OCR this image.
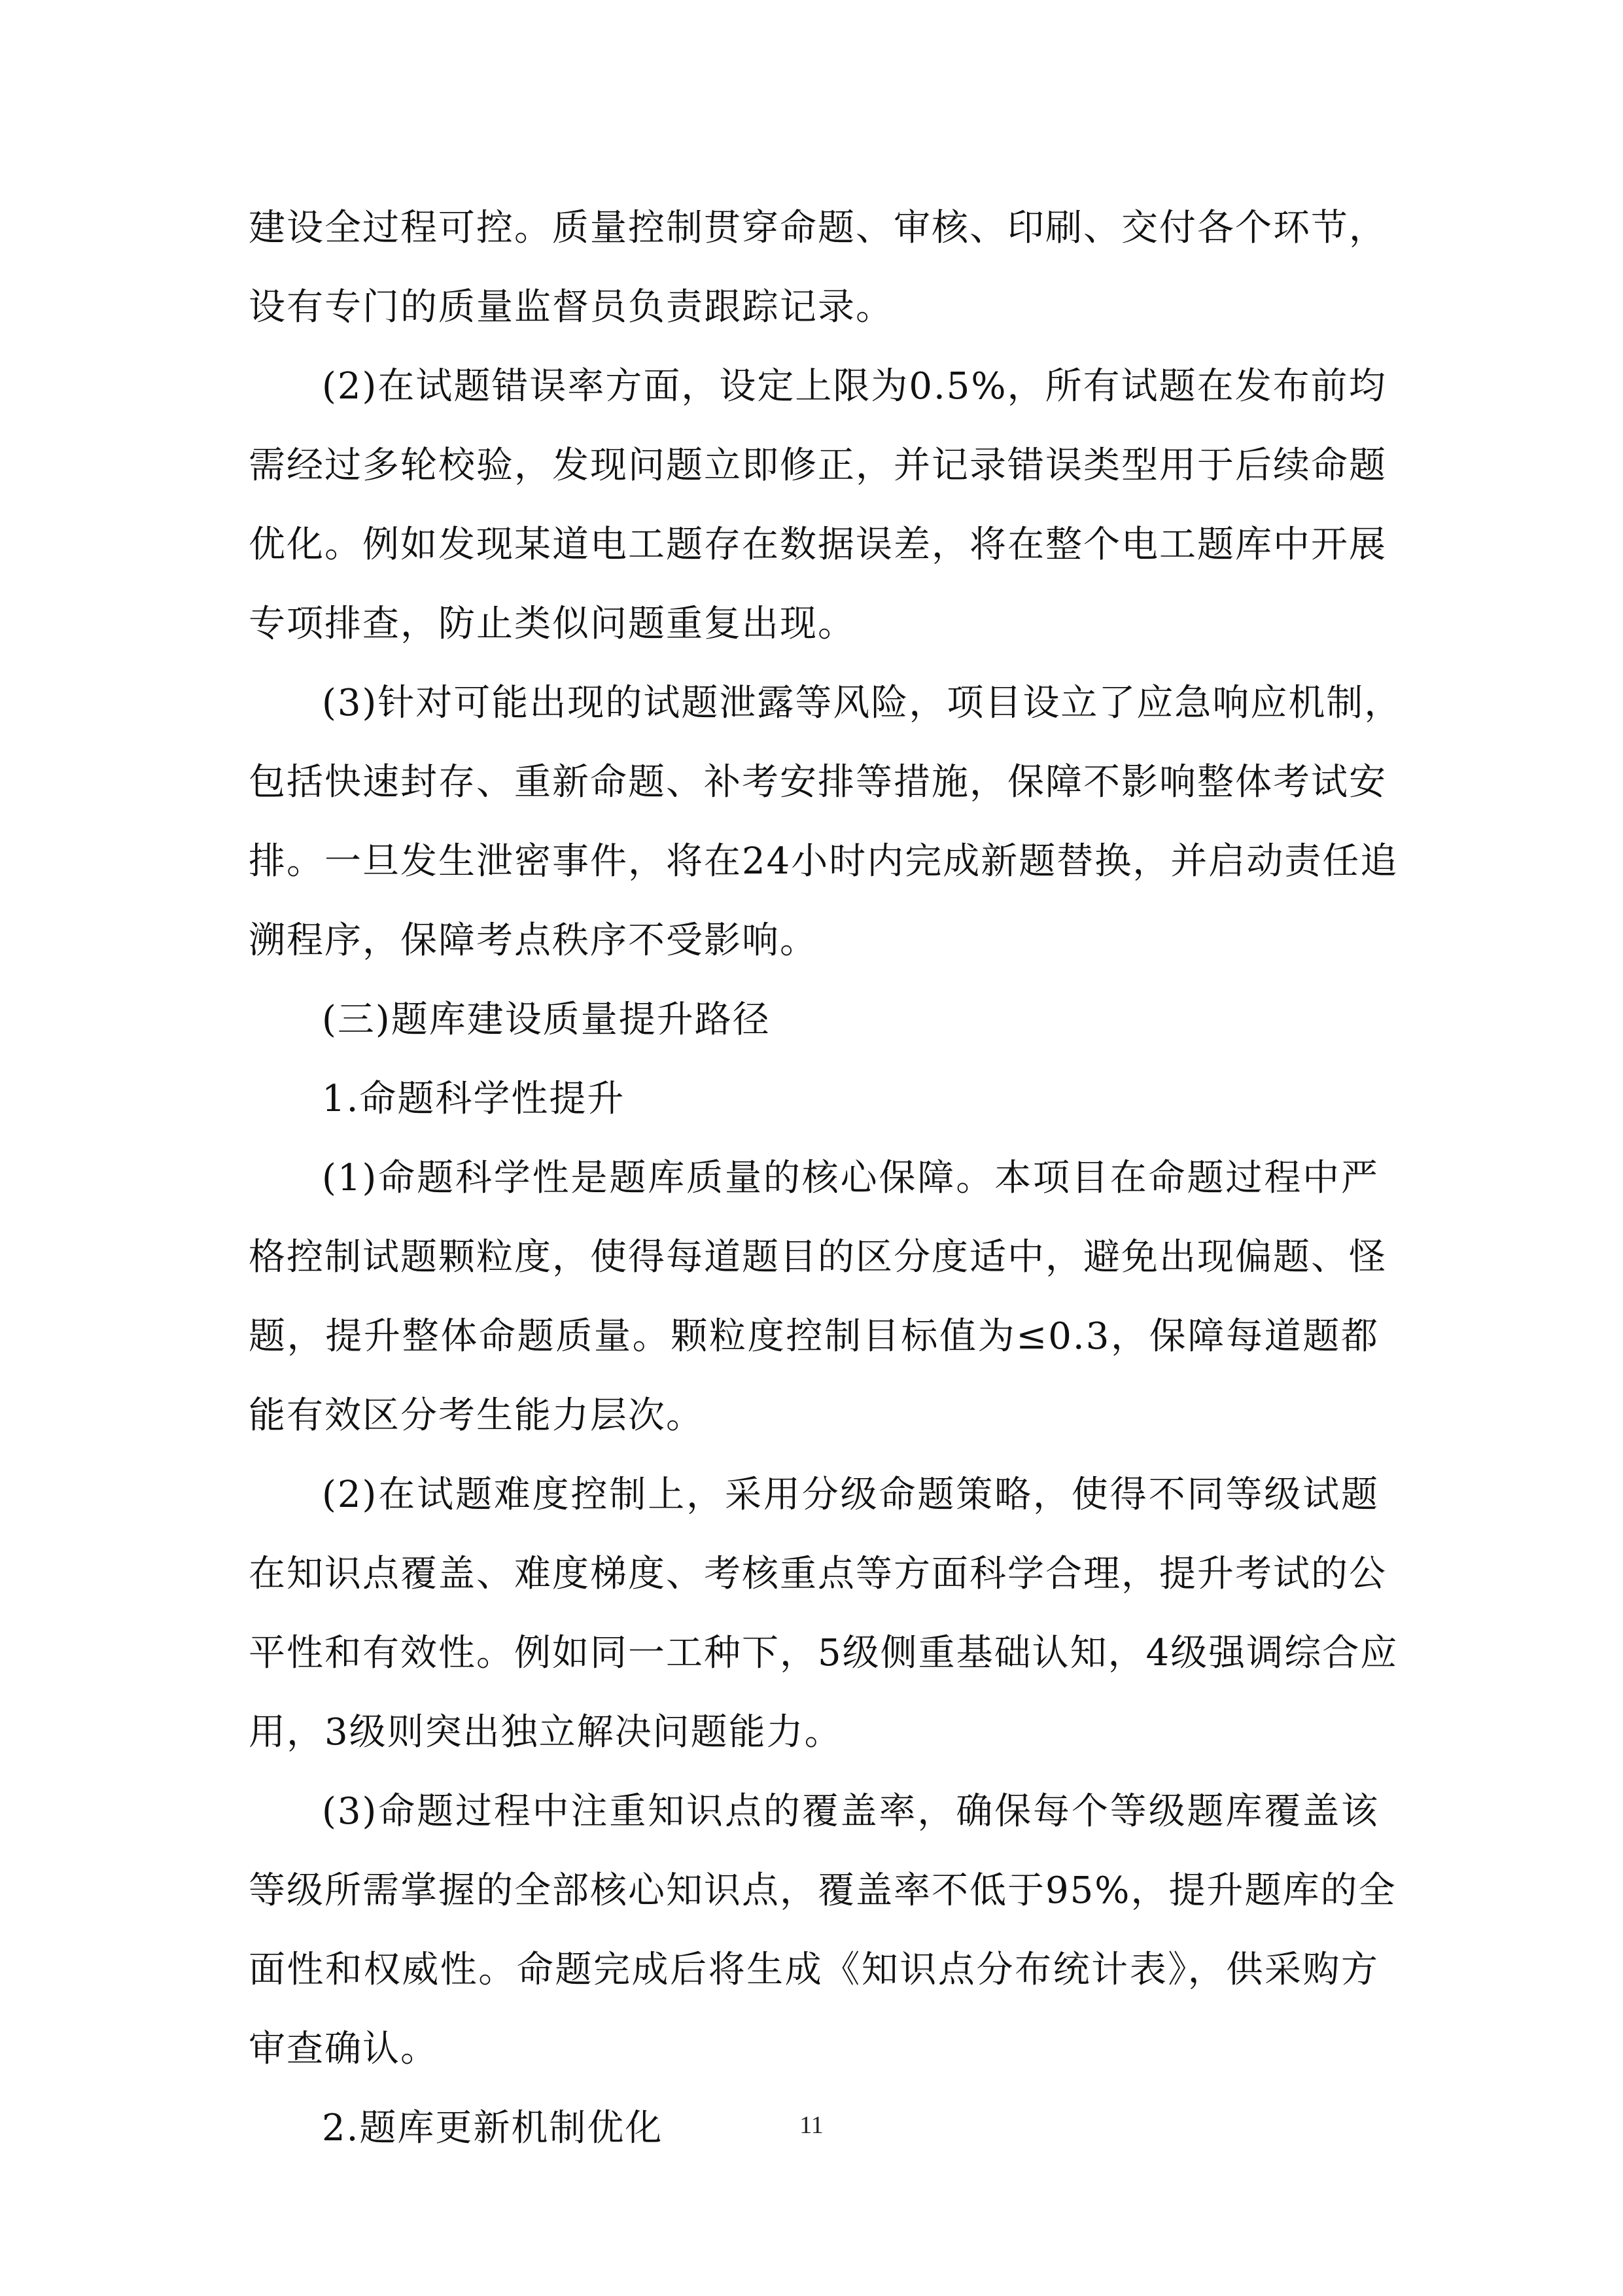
建设全过程可控。质量控制贯穿命题、审核、印刷、交付各个环节，
设有专门的质量监督员负责跟踪记录。
(2)在试题错误率方面，设定上限为0.5%，所有试题在发布前均
需经过多轮校验，发现问题立即修正，并记录错误类型用于后续命题
优化。例如发现某道电工题存在数据误差，将在整个电工题库中开展
专项排查，防止类似问题重复出现。
(3)针对可能出现的试题泄露等风险，项目设立了应急响应机制，
包括快速封存、重新命题、补考安排等措施，保障不影响整体考试安
排。一旦发生泄密事件，将在24小时内完成新题替换，并启动责任追
溯程序，保障考点秩序不受影响。
(三)题库建设质量提升路径
1.命题科学性提升
(1)命题科学性是题库质量的核心保障。本项目在命题过程中严
格控制试题颗粒度，使得每道题目的区分度适中，避免出现偏题、怪
题，提升整体命题质量。颗粒度控制目标值为≤0.3，保障每道题都
能有效区分考生能力层次。
(2)在试题难度控制上，采用分级命题策略，使得不同等级试题
在知识点覆盖、难度梯度、考核重点等方面科学合理，提升考试的公
平性和有效性。例如同一工种下，5级侧重基础认知，4级强调综合应
用，3级则突出独立解决问题能力。
(3)命题过程中注重知识点的覆盖率，确保每个等级题库覆盖该
等级所需掌握的全部核心知识点，覆盖率不低于95%，提升题库的全
面性和权威性。命题完成后将生成《知识点分布统计表》，供采购方
审查确认。
2.题库更新机制优化	11
